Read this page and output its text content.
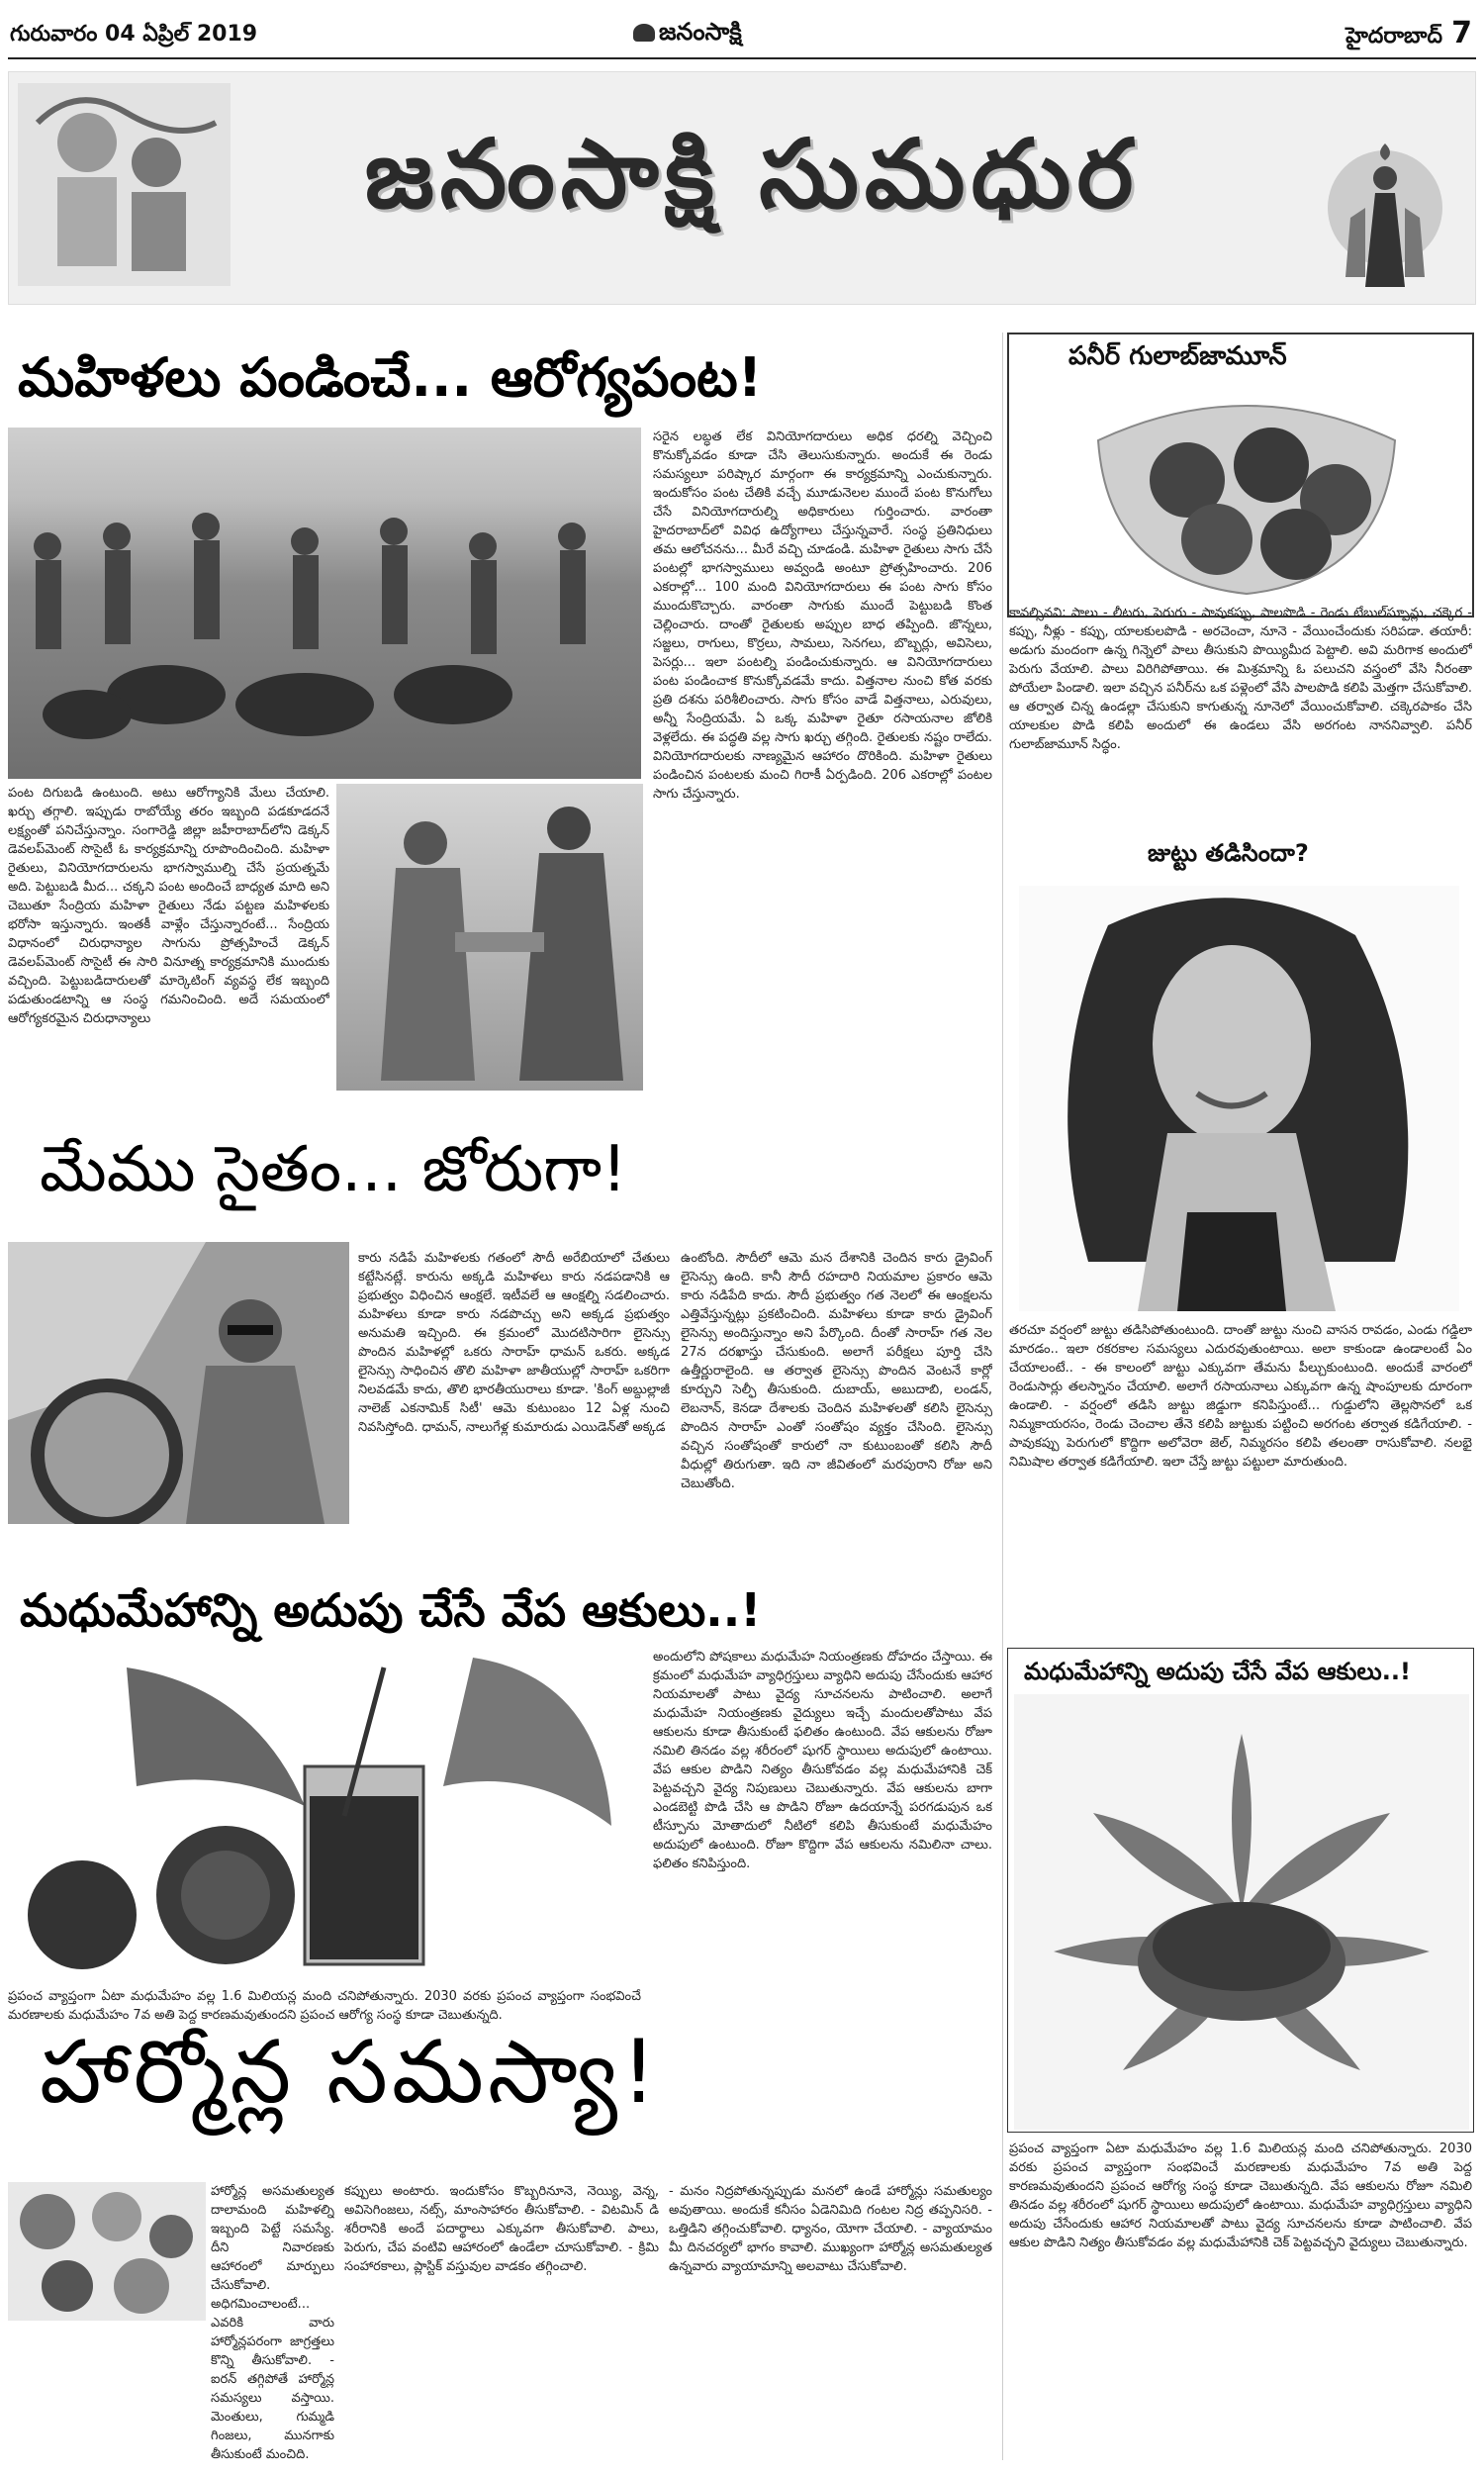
గురువారం 04 ఏప్రిల్ 2019	జనంసాక్షి	హైదరాబాద్ 7
జనంసాక్షి సుమధుర
మహిళలు పండించే... ఆరోగ్యపంట!
సరైన లబ్ధత లేక వినియోగదారులు అధిక ధరల్ని వెచ్చించి కొనుక్కోవడం కూడా చేసి తెలుసుకున్నారు. అందుకే ఈ రెండు సమస్యలూ పరిష్కార మార్గంగా ఈ కార్యక్రమాన్ని ఎంచుకున్నారు. ఇందుకోసం పంట చేతికి వచ్చే మూడునెలల ముందే పంట కొనుగోలు చేసే వినియోగదారుల్ని అధికారులు గుర్తించారు. వారంతా హైదరాబాద్‌లో వివిధ ఉద్యోగాలు చేస్తున్నవారే. సంస్థ ప్రతినిధులు తమ ఆలోచనను... మీరే వచ్చి చూడండి. మహిళా రైతులు సాగు చేసే పంటల్లో భాగస్వాములు అవ్వండి అంటూ ప్రోత్సహించారు. 206 ఎకరాల్లో... 100 మంది వినియోగదారులు ఈ పంట సాగు కోసం ముందుకొచ్చారు. వారంతా సాగుకు ముందే పెట్టుబడి కొంత చెల్లించారు. దాంతో రైతులకు అప్పుల బాధ తప్పింది. జొన్నలు, సజ్జలు, రాగులు, కొర్రలు, సామలు, సెనగలు, బొబ్బర్లు, అవిసెలు, పెసర్లు... ఇలా పంటల్ని పండించుకున్నారు. ఆ వినియోగదారులు పంట పండించాక కొనుక్కోవడమే కాదు. విత్తనాల నుంచి కోత వరకు ప్రతి దశను పరిశీలించారు. సాగు కోసం వాడే విత్తనాలు, ఎరువులు, అన్నీ సేంద్రియమే. ఏ ఒక్క మహిళా రైతూ రసాయనాల జోలికి వెళ్లలేదు. ఈ పద్ధతి వల్ల సాగు ఖర్చు తగ్గింది. రైతులకు నష్టం రాలేదు. వినియోగదారులకు నాణ్యమైన ఆహారం దొరికింది. మహిళా రైతులు పండించిన పంటలకు మంచి గిరాకీ ఏర్పడింది. 206 ఎకరాల్లో పంటల సాగు చేస్తున్నారు.
పంట దిగుబడి ఉంటుంది. అటు ఆరోగ్యానికి మేలు చేయాలి. ఖర్చు తగ్గాలి. ఇప్పుడు రాబోయ్యే తరం ఇబ్బంది పడకూడదనే లక్ష్యంతో పనిచేస్తున్నాం. సంగారెడ్డి జిల్లా జహీరాబాద్‌లోని డెక్కన్ డెవలప్‌మెంట్ సొసైటీ ఓ కార్యక్రమాన్ని రూపొందించింది. మహిళా రైతులు, వినియోగదారులను భాగస్వాముల్ని చేసే ప్రయత్నమే అది. పెట్టుబడి మీద... చక్కని పంట అందించే బాధ్యత మాది అని చెబుతూ సేంద్రియ మహిళా రైతులు నేడు పట్టణ మహిళలకు భరోసా ఇస్తున్నారు. ఇంతకీ వాళ్లేం చేస్తున్నారంటే... సేంద్రియ విధానంలో చిరుధాన్యాల సాగును ప్రోత్సహించే డెక్కన్ డెవలప్‌మెంట్ సొసైటీ ఈ సారి వినూత్న కార్యక్రమానికి ముందుకు వచ్చింది. పెట్టుబడిదారులతో మార్కెటింగ్ వ్యవస్థ లేక ఇబ్బంది పడుతుండటాన్ని ఆ సంస్థ గమనించింది. అదే సమయంలో ఆరోగ్యకరమైన చిరుధాన్యాలు
మేము సైతం... జోరుగా!
కారు నడిపే మహిళలకు గతంలో సౌదీ అరేబియాలో చేతులు కట్టేసినట్లే. కారును అక్కడి మహిళలు కారు నడపడానికి ఆ ప్రభుత్వం విధించిన ఆంక్షలే. ఇటీవలే ఆ ఆంక్షల్ని సడలించారు. మహిళలు కూడా కారు నడపొచ్చు అని అక్కడ ప్రభుత్వం అనుమతి ఇచ్చింది. ఈ క్రమంలో మొదటిసారిగా లైసెన్సు పొందిన మహిళల్లో ఒకరు సారాహ్ ధామన్ ఒకరు. అక్కడ లైసెన్సు సాధించిన తొలి మహిళా జాతీయుల్లో సారాహ్ ఒకరిగా నిలవడమే కాదు, తొలి భారతీయురాలు కూడా. 'కింగ్ అబ్దుల్లాజీ నాలెజ్ ఎకనామిక్ సిటీ' ఆమె కుటుంబం 12 ఏళ్ల నుంచి నివసిస్తోంది. ధామన్, నాలుగేళ్ల కుమారుడు ఎయిడెన్‌తో అక్కడ
ఉంటోంది. సౌదీలో ఆమె మన దేశానికి చెందిన కారు డ్రైవింగ్ లైసెన్సు ఉంది. కానీ సౌదీ రహదారి నియమాల ప్రకారం ఆమె కారు నడిపేది కాదు. సౌదీ ప్రభుత్వం గత నెలలో ఈ ఆంక్షలను ఎత్తివేస్తున్నట్లు ప్రకటించింది. మహిళలు కూడా కారు డ్రైవింగ్ లైసెన్సు అందిస్తున్నాం అని పేర్కొంది. దీంతో సారాహ్ గత నెల 27న దరఖాస్తు చేసుకుంది. అలాగే పరీక్షలు పూర్తి చేసి ఉత్తీర్ణురాలైంది. ఆ తర్వాత లైసెన్సు పొందిన వెంటనే కార్లో కూర్చుని సెల్ఫీ తీసుకుంది. దుబాయ్, అబుదాబి, లండన్, లెబనాన్, కెనడా దేశాలకు చెందిన మహిళలతో కలిసి లైసెన్సు పొందిన సారాహ్ ఎంతో సంతోషం వ్యక్తం చేసింది. లైసెన్సు వచ్చిన సంతోషంతో కారులో నా కుటుంబంతో కలిసి సౌదీ వీధుల్లో తిరుగుతా. ఇది నా జీవితంలో మరపురాని రోజు అని చెబుతోంది.
మధుమేహాన్ని అదుపు చేసే వేప ఆకులు..!
అందులోని పోషకాలు మధుమేహ నియంత్రణకు దోహదం చేస్తాయి. ఈ క్రమంలో మధుమేహ వ్యాధిగ్రస్తులు వ్యాధిని అదుపు చేసేందుకు ఆహార నియమాలతో పాటు వైద్య సూచనలను పాటించాలి. అలాగే మధుమేహ నియంత్రణకు వైద్యులు ఇచ్చే మందులతోపాటు వేప ఆకులను కూడా తీసుకుంటే ఫలితం ఉంటుంది. వేప ఆకులను రోజూ నమిలి తినడం వల్ల శరీరంలో షుగర్ స్థాయిలు అదుపులో ఉంటాయి. వేప ఆకుల పొడిని నిత్యం తీసుకోవడం వల్ల మధుమేహానికి చెక్ పెట్టవచ్చని వైద్య నిపుణులు చెబుతున్నారు. వేప ఆకులను బాగా ఎండబెట్టి పొడి చేసి ఆ పొడిని రోజూ ఉదయాన్నే పరగడుపున ఒక టీస్పూను మోతాదులో నీటిలో కలిపి తీసుకుంటే మధుమేహం అదుపులో ఉంటుంది. రోజూ కొద్దిగా వేప ఆకులను నమిలినా చాలు. ఫలితం కనిపిస్తుంది.
ప్రపంచ వ్యాప్తంగా ఏటా మధుమేహం వల్ల 1.6 మిలియన్ల మంది చనిపోతున్నారు. 2030 వరకు ప్రపంచ వ్యాప్తంగా సంభవించే మరణాలకు మధుమేహం 7వ అతి పెద్ద కారణమవుతుందని ప్రపంచ ఆరోగ్య సంస్థ కూడా చెబుతున్నది.
హార్మోన్ల సమస్యా!
హార్మోన్ల అసమతుల్యత దాలామంది మహిళల్ని ఇబ్బంది పెట్టే సమస్యే. దీని నివారణకు ఆహారంలో మార్పులు చేసుకోవాలి. అధిగమించాలంటే... ఎవరికి వారు హార్మోన్లపరంగా జాగ్రత్తలు కొన్ని తీసుకోవాలి. - ఐరన్ తగ్గిపోతే హార్మోన్ల సమస్యలు వస్తాయి. మెంతులు, గుమ్మడి గింజలు, మునగాకు తీసుకుంటే మంచిది.
కప్పులు అంటారు. ఇందుకోసం కొబ్బరినూనె, నెయ్యి, వెన్న, అవిసెగింజలు, నట్స్, మాంసాహారం తీసుకోవాలి. - విటమిన్ డి శరీరానికి అందే పదార్థాలు ఎక్కువగా తీసుకోవాలి. పాలు, పెరుగు, చేప వంటివి ఆహారంలో ఉండేలా చూసుకోవాలి. - క్రిమి సంహారకాలు, ప్లాస్టిక్ వస్తువుల వాడకం తగ్గించాలి.
- మనం నిద్రపోతున్నప్పుడు మనలో ఉండే హార్మోన్లు సమతుల్యం అవుతాయి. అందుకే కనీసం ఏడెనిమిది గంటల నిద్ర తప్పనిసరి. - ఒత్తిడిని తగ్గించుకోవాలి. ధ్యానం, యోగా చేయాలి. - వ్యాయామం మీ దినచర్యలో భాగం కావాలి. ముఖ్యంగా హార్మోన్ల అసమతుల్యత ఉన్నవారు వ్యాయామాన్ని అలవాటు చేసుకోవాలి.
పనీర్ గులాబ్‌జామూన్
కావల్సినవి: పాలు - లీటరు, పెరుగు - పావుకప్పు, పాలపొడి - రెండు టేబుల్‌స్పూన్లు, చక్కెర - కప్పు, నీళ్లు - కప్పు, యాలకులపొడి - అరచెంచా, నూనె - వేయించేందుకు సరిపడా. తయారీ: అడుగు మందంగా ఉన్న గిన్నెలో పాలు తీసుకుని పొయ్యిమీద పెట్టాలి. అవి మరిగాక అందులో పెరుగు వేయాలి. పాలు విరిగిపోతాయి. ఈ మిశ్రమాన్ని ఓ పలుచని వస్త్రంలో వేసి నీరంతా పోయేలా పిండాలి. ఇలా వచ్చిన పనీర్‌ను ఒక పళ్లెంలో వేసి పాలపొడి కలిపి మెత్తగా చేసుకోవాలి. ఆ తర్వాత చిన్న ఉండల్లా చేసుకుని కాగుతున్న నూనెలో వేయించుకోవాలి. చక్కెరపాకం చేసి యాలకుల పొడి కలిపి అందులో ఈ ఉండలు వేసి అరగంట నాననివ్వాలి. పనీర్ గులాబ్‌జామూన్ సిద్ధం.
జుట్టు తడిసిందా?
తరచూ వర్షంలో జుట్టు తడిసిపోతుంటుంది. దాంతో జుట్టు నుంచి వాసన రావడం, ఎండు గడ్డిలా మారడం.. ఇలా రకరకాల సమస్యలు ఎదురవుతుంటాయి. అలా కాకుండా ఉండాలంటే ఏం చేయాలంటే.. - ఈ కాలంలో జుట్టు ఎక్కువగా తేమను పీల్చుకుంటుంది. అందుకే వారంలో రెండుసార్లు తలస్నానం చేయాలి. అలాగే రసాయనాలు ఎక్కువగా ఉన్న షాంపూలకు దూరంగా ఉండాలి. - వర్షంలో తడిసి జుట్టు జిడ్డుగా కనిపిస్తుంటే... గుడ్డులోని తెల్లసొనలో ఒక నిమ్మకాయరసం, రెండు చెంచాల తేనె కలిపి జుట్టుకు పట్టించి అరగంట తర్వాత కడిగేయాలి. - పావుకప్పు పెరుగులో కొద్దిగా అలోవెరా జెల్, నిమ్మరసం కలిపి తలంతా రాసుకోవాలి. నలభై నిమిషాల తర్వాత కడిగేయాలి. ఇలా చేస్తే జుట్టు పట్టులా మారుతుంది.
మధుమేహాన్ని అదుపు చేసే వేప ఆకులు..!
ప్రపంచ వ్యాప్తంగా ఏటా మధుమేహం వల్ల 1.6 మిలియన్ల మంది చనిపోతున్నారు. 2030 వరకు ప్రపంచ వ్యాప్తంగా సంభవించే మరణాలకు మధుమేహం 7వ అతి పెద్ద కారణమవుతుందని ప్రపంచ ఆరోగ్య సంస్థ కూడా చెబుతున్నది. వేప ఆకులను రోజూ నమిలి తినడం వల్ల శరీరంలో షుగర్ స్థాయిలు అదుపులో ఉంటాయి. మధుమేహ వ్యాధిగ్రస్తులు వ్యాధిని అదుపు చేసేందుకు ఆహార నియమాలతో పాటు వైద్య సూచనలను కూడా పాటించాలి. వేప ఆకుల పొడిని నిత్యం తీసుకోవడం వల్ల మధుమేహానికి చెక్ పెట్టవచ్చని వైద్యులు చెబుతున్నారు.
